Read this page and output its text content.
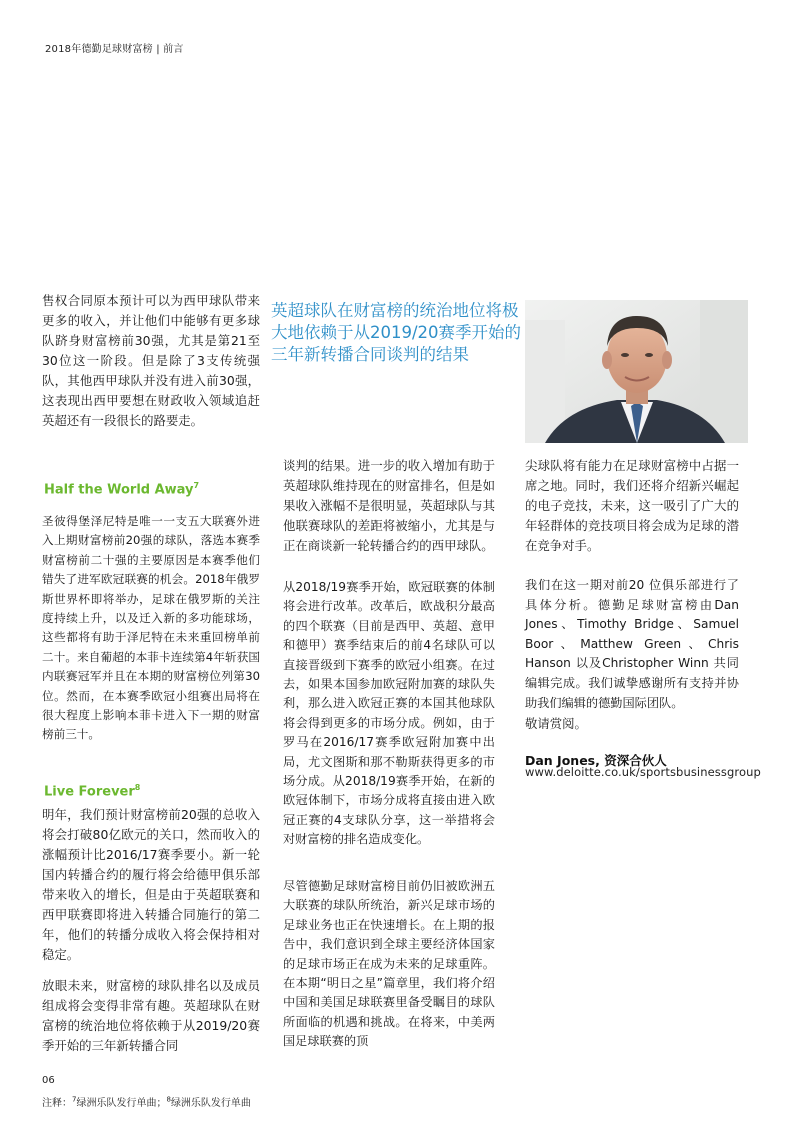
2018年德勤足球财富榜 | 前言
售权合同原本预计可以为西甲球队带来更多的收入，并让他们中能够有更多球队跻身财富榜前30强，尤其是第21至30位这一阶段。但是除了3支传统强队，其他西甲球队并没有进入前30强，这表现出西甲要想在财政收入领域追赶英超还有一段很长的路要走。
Half the World Away$^7$
圣彼得堡泽尼特是唯一一支五大联赛外进入上期财富榜前20强的球队，落选本赛季财富榜前二十强的主要原因是本赛季他们错失了进军欧冠联赛的机会。2018年俄罗斯世界杯即将举办，足球在俄罗斯的关注度持续上升，以及迁入新的多功能球场，这些都将有助于泽尼特在未来重回榜单前二十。来自葡超的本菲卡连续第4年斩获国内联赛冠军并且在本期的财富榜位列第30位。然而，在本赛季欧冠小组赛出局将在很大程度上影响本菲卡进入下一期的财富榜前三十。
Live Forever$^8$
明年，我们预计财富榜前20强的总收入将会打破80亿欧元的关口，然而收入的涨幅预计比2016/17赛季要小。新一轮国内转播合约的履行将会给德甲俱乐部带来收入的增长，但是由于英超联赛和西甲联赛即将进入转播合同施行的第二年，他们的转播分成收入将会保持相对稳定。
放眼未来，财富榜的球队排名以及成员组成将会变得非常有趣。英超球队在财富榜的统治地位将依赖于从2019/20赛季开始的三年新转播合同
英超球队在财富榜的统治地位将极大地依赖于从2019/20赛季开始的三年新转播合同谈判的结果
谈判的结果。进一步的收入增加有助于英超球队维持现在的财富排名，但是如果收入涨幅不是很明显，英超球队与其他联赛球队的差距将被缩小，尤其是与正在商谈新一轮转播合约的西甲球队。
从2018/19赛季开始，欧冠联赛的体制将会进行改革。改革后，欧战积分最高的四个联赛（目前是西甲、英超、意甲和德甲）赛季结束后的前4名球队可以直接晋级到下赛季的欧冠小组赛。在过去，如果本国参加欧冠附加赛的球队失利，那么进入欧冠正赛的本国其他球队将会得到更多的市场分成。例如，由于罗马在2016/17赛季欧冠附加赛中出局，尤文图斯和那不勒斯获得更多的市场分成。从2018/19赛季开始，在新的欧冠体制下，市场分成将直接由进入欧冠正赛的4支球队分享，这一举措将会对财富榜的排名造成变化。
尽管德勤足球财富榜目前仍旧被欧洲五大联赛的球队所统治，新兴足球市场的足球业务也正在快速增长。在上期的报告中，我们意识到全球主要经济体国家的足球市场正在成为未来的足球重阵。在本期“明日之星”篇章里，我们将介绍中国和美国足球联赛里备受瞩目的球队所面临的机遇和挑战。在将来，中美两国足球联赛的顶
尖球队将有能力在足球财富榜中占据一席之地。同时，我们还将介绍新兴崛起的电子竞技，未来，这一吸引了广大的年轻群体的竞技项目将会成为足球的潜在竞争对手。
我们在这一期对前20 位俱乐部进行了具体分析。德勤足球财富榜由Dan Jones、Timothy Bridge、Samuel Boor、Matthew Green、Chris Hanson 以及Christopher Winn 共同编辑完成。我们诚挚感谢所有支持并协助我们编辑的德勤国际团队。
敬请赏阅。
Dan Jones, 资深合伙人
www.deloitte.co.uk/sportsbusinessgroup
06
注释：$^7$绿洲乐队发行单曲；$^8$绿洲乐队发行单曲
